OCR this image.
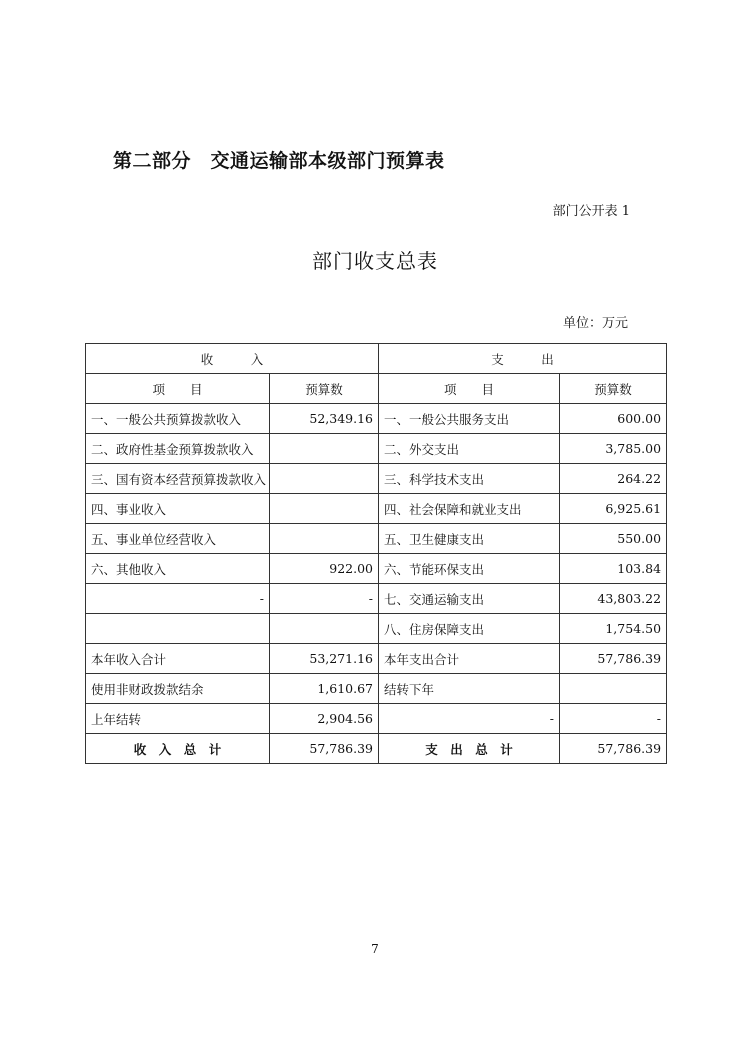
第二部分　交通运输部本级部门预算表
部门公开表 1
部门收支总表
单位：万元
收　　　入		支　　　出	
项　　目	预算数	项　　目	预算数
一、一般公共预算拨款收入	52,349.16	一、一般公共服务支出	600.00
二、政府性基金预算拨款收入		二、外交支出	3,785.00
三、国有资本经营预算拨款收入		三、科学技术支出	264.22
四、事业收入		四、社会保障和就业支出	6,925.61
五、事业单位经营收入		五、卫生健康支出	550.00
六、其他收入	922.00	六、节能环保支出	103.84
-	-	七、交通运输支出	43,803.22
		八、住房保障支出	1,754.50
本年收入合计	53,271.16	本年支出合计	57,786.39
使用非财政拨款结余	1,610.67	结转下年	
上年结转	2,904.56	-	-
收　入　总　计	57,786.39	支　出　总　计	57,786.39
7
